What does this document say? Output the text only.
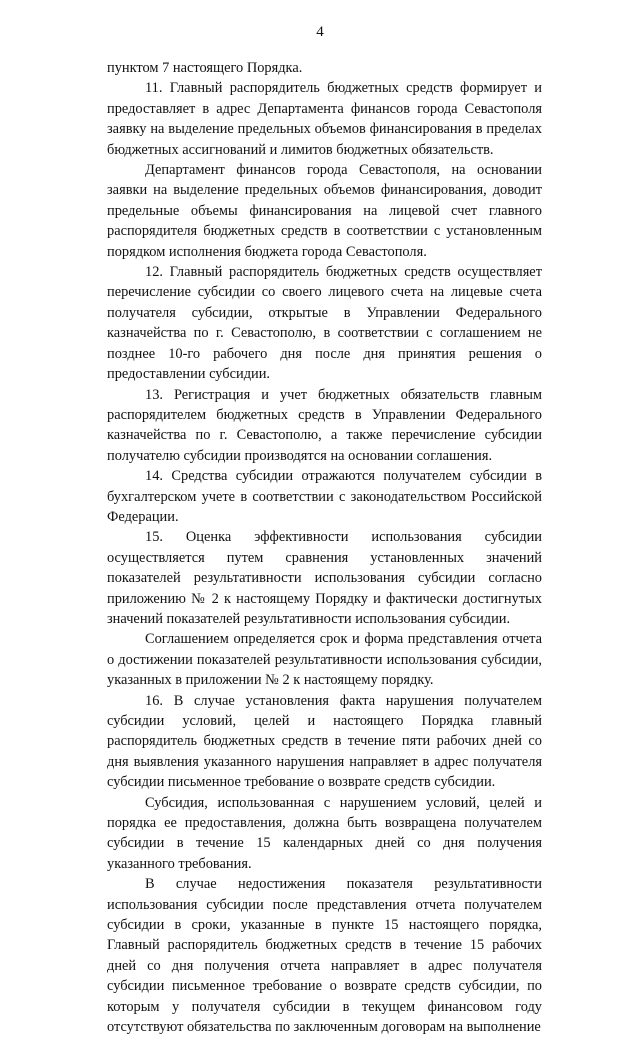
4

пунктом 7 настоящего Порядка.

11. Главный распорядитель бюджетных средств формирует и предоставляет в адрес Департамента финансов города Севастополя заявку на выделение предельных объемов финансирования в пределах бюджетных ассигнований и лимитов бюджетных обязательств.

Департамент финансов города Севастополя, на основании заявки на выделение предельных объемов финансирования, доводит предельные объемы финансирования на лицевой счет главного распорядителя бюджетных средств в соответствии с установленным порядком исполнения бюджета города Севастополя.

12. Главный распорядитель бюджетных средств осуществляет перечисление субсидии со своего лицевого счета на лицевые счета получателя субсидии, открытые в Управлении Федерального казначейства по г. Севастополю, в соответствии с соглашением не позднее 10-го рабочего дня после дня принятия решения о предоставлении субсидии.

13. Регистрация и учет бюджетных обязательств главным распорядителем бюджетных средств в Управлении Федерального казначейства по г. Севастополю, а также перечисление субсидии получателю субсидии производятся на основании соглашения.

14. Средства субсидии отражаются получателем субсидии в бухгалтерском учете в соответствии с законодательством Российской Федерации.

15. Оценка эффективности использования субсидии осуществляется путем сравнения установленных значений показателей результативности использования субсидии согласно приложению № 2 к настоящему Порядку и фактически достигнутых значений показателей результативности использования субсидии.

Соглашением определяется срок и форма представления отчета о достижении показателей результативности использования субсидии, указанных в приложении № 2 к настоящему порядку.

16. В случае установления факта нарушения получателем субсидии условий, целей и настоящего Порядка главный распорядитель бюджетных средств в течение пяти рабочих дней со дня выявления указанного нарушения направляет в адрес получателя субсидии письменное требование о возврате средств субсидии.

Субсидия, использованная с нарушением условий, целей и порядка ее предоставления, должна быть возвращена получателем субсидии в течение 15 календарных дней со дня получения указанного требования.

В случае недостижения показателя результативности использования субсидии после представления отчета получателем субсидии в сроки, указанные в пункте 15 настоящего порядка, Главный распорядитель бюджетных средств в течение 15 рабочих дней со дня получения отчета направляет в адрес получателя субсидии письменное требование о возврате средств субсидии, по которым у получателя субсидии в текущем финансовом году отсутствуют обязательства по заключенным договорам на выполнение
